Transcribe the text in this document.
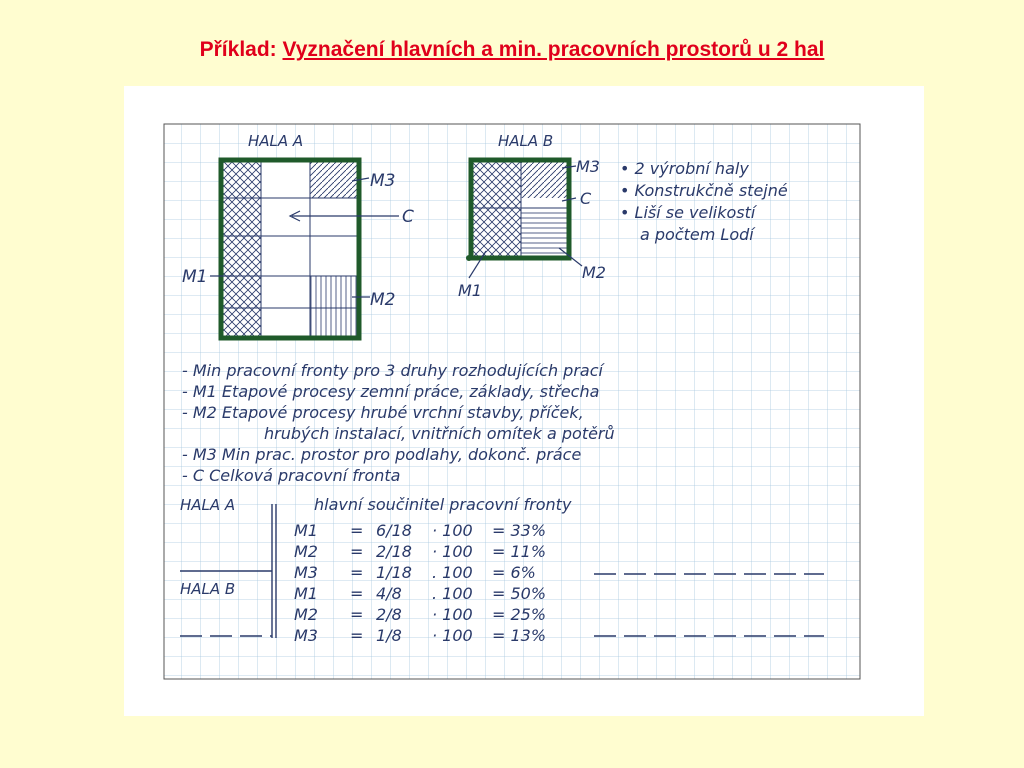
Příklad: Vyznačení hlavních a min. pracovních prostorů u 2 hal
HALA A
M3
C
M1
M2
HALA B
M3
C
M1
M2
• 2 výrobní haly
• Konstrukčně stejné
• Liší se velikostí
a počtem Lodí
- Min pracovní fronty pro 3 druhy rozhodujících prací
- M1 Etapové procesy zemní práce, základy, střecha
- M2 Etapové procesy hrubé vrchní stavby, příček,
hrubých instalací, vnitřních omítek a potěrů
- M3 Min prac. prostor pro podlahy, dokonč. práce
- C Celková pracovní fronta
HALA A	hlavní součinitel pracovní fronty
HALA B
M1 = 6/18 · 100 = 33%
M2 = 2/18 · 100 = 11%
M3 = 1/18 . 100 = 6%
M1 = 4/8 . 100 = 50%
M2 = 2/8 · 100 = 25%
M3 = 1/8 · 100 = 13%
